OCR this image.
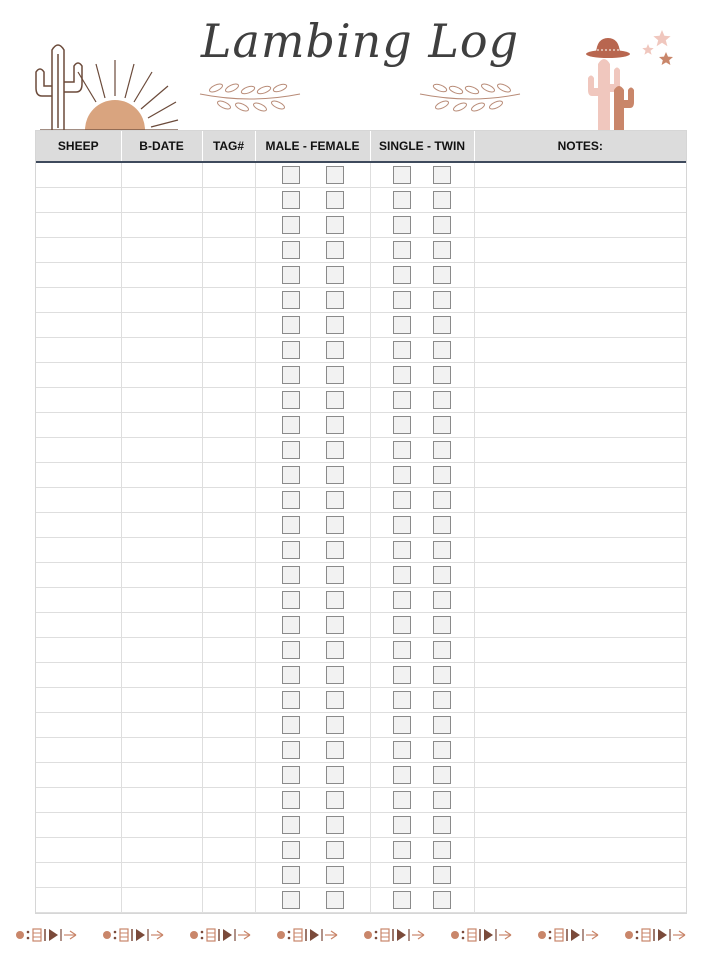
Lambing Log
SHEEP	B-DATE	TAG#	MALE - FEMALE	SINGLE - TWIN	NOTES:
